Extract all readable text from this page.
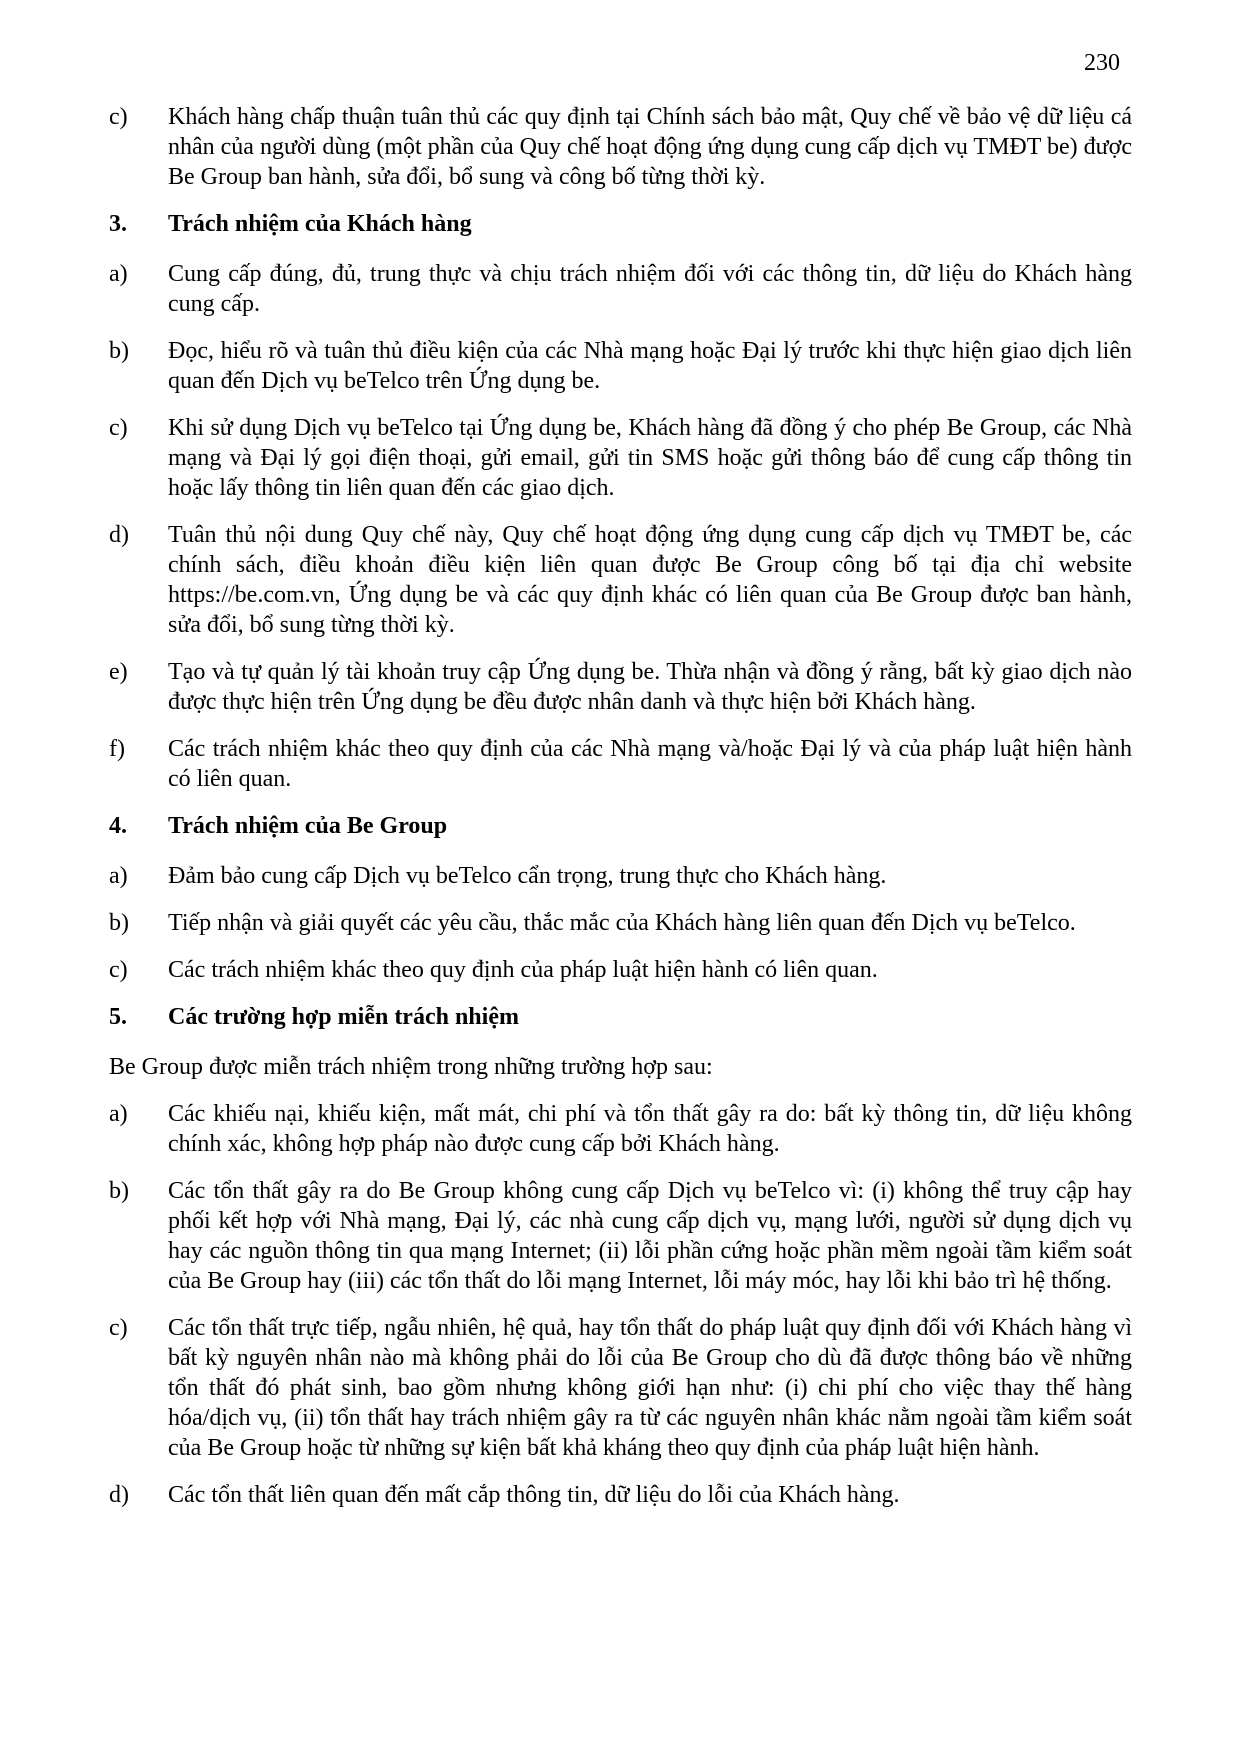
230
c) Khách hàng chấp thuận tuân thủ các quy định tại Chính sách bảo mật, Quy chế về bảo vệ dữ liệu cá nhân của người dùng (một phần của Quy chế hoạt động ứng dụng cung cấp dịch vụ TMĐT be) được Be Group ban hành, sửa đổi, bổ sung và công bố từng thời kỳ.
3. Trách nhiệm của Khách hàng
a) Cung cấp đúng, đủ, trung thực và chịu trách nhiệm đối với các thông tin, dữ liệu do Khách hàng cung cấp.
b) Đọc, hiểu rõ và tuân thủ điều kiện của các Nhà mạng hoặc Đại lý trước khi thực hiện giao dịch liên quan đến Dịch vụ beTelco trên Ứng dụng be.
c) Khi sử dụng Dịch vụ beTelco tại Ứng dụng be, Khách hàng đã đồng ý cho phép Be Group, các Nhà mạng và Đại lý gọi điện thoại, gửi email, gửi tin SMS hoặc gửi thông báo để cung cấp thông tin hoặc lấy thông tin liên quan đến các giao dịch.
d) Tuân thủ nội dung Quy chế này, Quy chế hoạt động ứng dụng cung cấp dịch vụ TMĐT be, các chính sách, điều khoản điều kiện liên quan được Be Group công bố tại địa chỉ website https://be.com.vn, Ứng dụng be và các quy định khác có liên quan của Be Group được ban hành, sửa đổi, bổ sung từng thời kỳ.
e) Tạo và tự quản lý tài khoản truy cập Ứng dụng be. Thừa nhận và đồng ý rằng, bất kỳ giao dịch nào được thực hiện trên Ứng dụng be đều được nhân danh và thực hiện bởi Khách hàng.
f) Các trách nhiệm khác theo quy định của các Nhà mạng và/hoặc Đại lý và của pháp luật hiện hành có liên quan.
4. Trách nhiệm của Be Group
a) Đảm bảo cung cấp Dịch vụ beTelco cẩn trọng, trung thực cho Khách hàng.
b) Tiếp nhận và giải quyết các yêu cầu, thắc mắc của Khách hàng liên quan đến Dịch vụ beTelco.
c) Các trách nhiệm khác theo quy định của pháp luật hiện hành có liên quan.
5. Các trường hợp miễn trách nhiệm
Be Group được miễn trách nhiệm trong những trường hợp sau:
a) Các khiếu nại, khiếu kiện, mất mát, chi phí và tổn thất gây ra do: bất kỳ thông tin, dữ liệu không chính xác, không hợp pháp nào được cung cấp bởi Khách hàng.
b) Các tổn thất gây ra do Be Group không cung cấp Dịch vụ beTelco vì: (i) không thể truy cập hay phối kết hợp với Nhà mạng, Đại lý, các nhà cung cấp dịch vụ, mạng lưới, người sử dụng dịch vụ hay các nguồn thông tin qua mạng Internet; (ii) lỗi phần cứng hoặc phần mềm ngoài tầm kiểm soát của Be Group hay (iii) các tổn thất do lỗi mạng Internet, lỗi máy móc, hay lỗi khi bảo trì hệ thống.
c) Các tổn thất trực tiếp, ngẫu nhiên, hệ quả, hay tổn thất do pháp luật quy định đối với Khách hàng vì bất kỳ nguyên nhân nào mà không phải do lỗi của Be Group cho dù đã được thông báo về những tổn thất đó phát sinh, bao gồm nhưng không giới hạn như: (i) chi phí cho việc thay thế hàng hóa/dịch vụ, (ii) tổn thất hay trách nhiệm gây ra từ các nguyên nhân khác nằm ngoài tầm kiểm soát của Be Group hoặc từ những sự kiện bất khả kháng theo quy định của pháp luật hiện hành.
d) Các tổn thất liên quan đến mất cắp thông tin, dữ liệu do lỗi của Khách hàng.
